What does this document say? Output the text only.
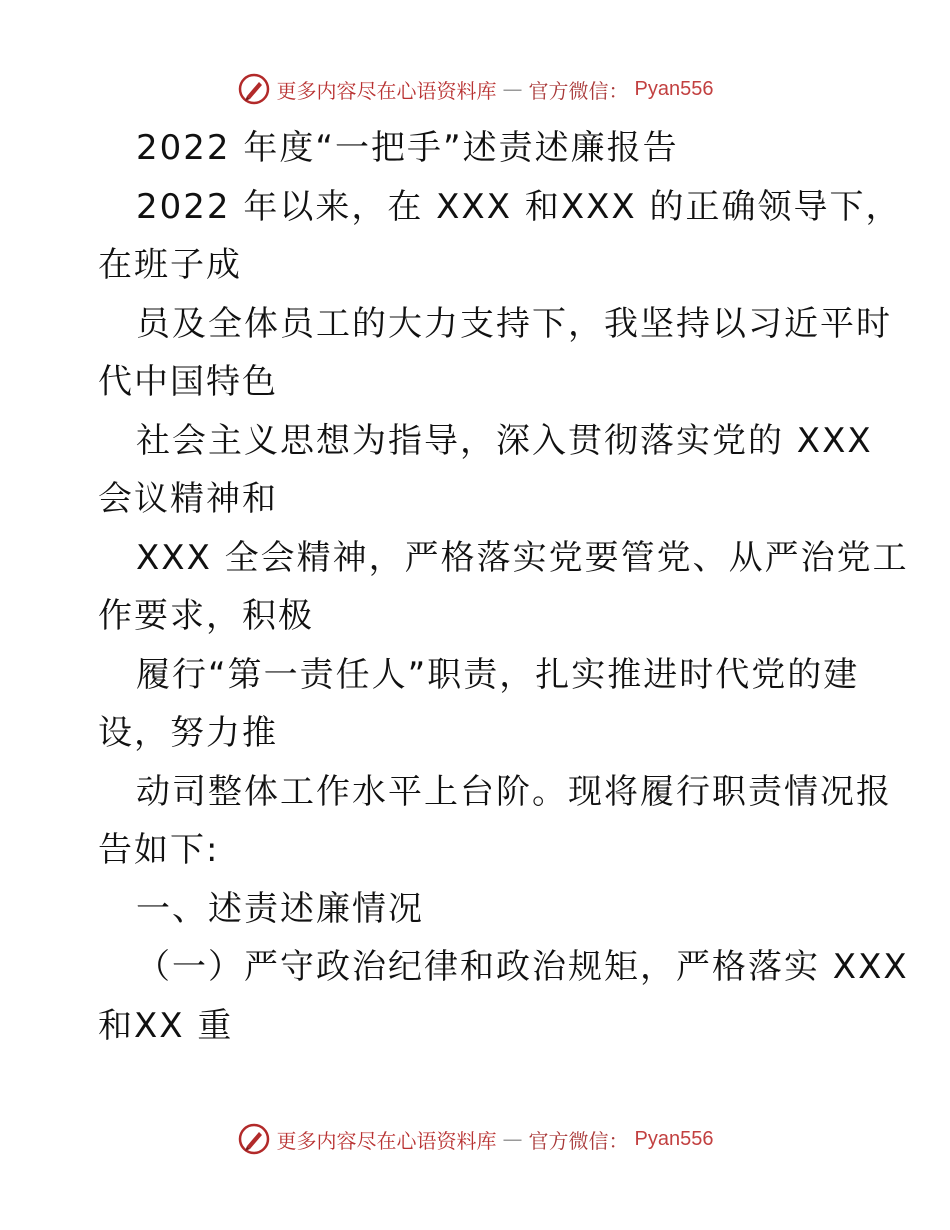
更多内容尽在心语资料库 — 官方微信： Pyan556
2022 年度“一把手”述责述廉报告
2022 年以来，在 XXX 和XXX 的正确领导下，
在班子成
员及全体员工的大力支持下，我坚持以习近平时
代中国特色
社会主义思想为指导，深入贯彻落实党的 XXX
会议精神和
XXX 全会精神，严格落实党要管党、从严治党工
作要求，积极
履行“第一责任人”职责，扎实推进时代党的建
设，努力推
动司整体工作水平上台阶。现将履行职责情况报
告如下:
一、述责述廉情况
（一）严守政治纪律和政治规矩，严格落实 XXX
和XX 重
更多内容尽在心语资料库 — 官方微信： Pyan556
